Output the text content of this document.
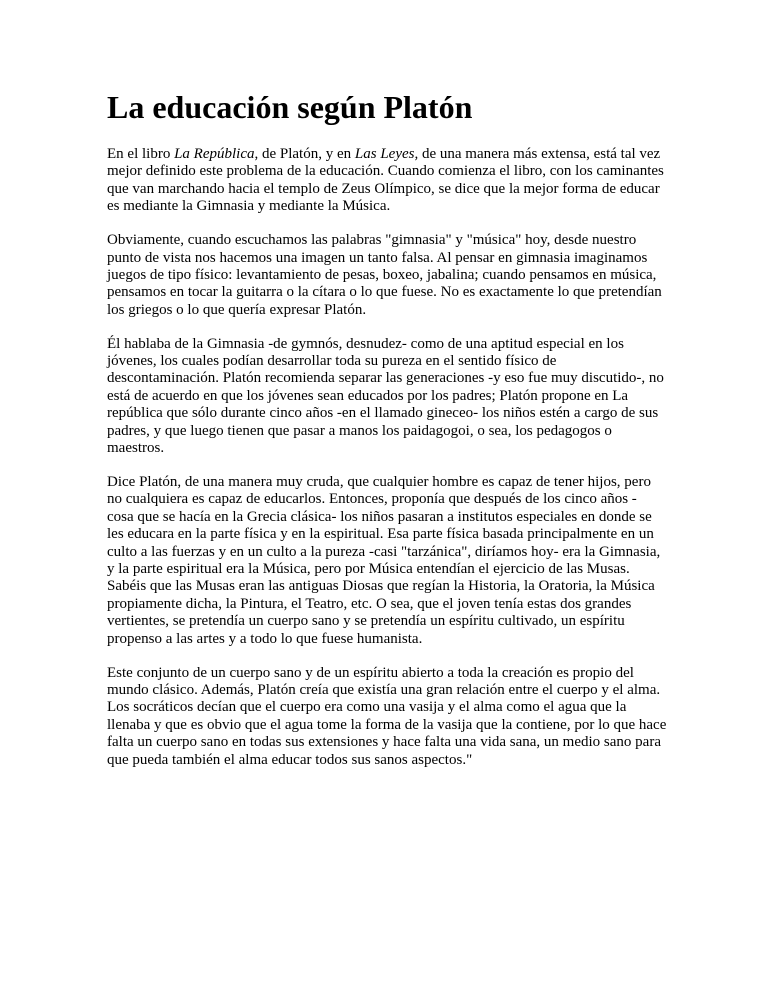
La educación según Platón

En el libro La República, de Platón, y en Las Leyes, de una manera más extensa, está tal vez mejor definido este problema de la educación. Cuando comienza el libro, con los caminantes que van marchando hacia el templo de Zeus Olímpico, se dice que la mejor forma de educar es mediante la Gimnasia y mediante la Música.

Obviamente, cuando escuchamos las palabras "gimnasia" y "música" hoy, desde nuestro punto de vista nos hacemos una imagen un tanto falsa. Al pensar en gimnasia imaginamos juegos de tipo físico: levantamiento de pesas, boxeo, jabalina; cuando pensamos en música, pensamos en tocar la guitarra o la cítara o lo que fuese. No es exactamente lo que pretendían los griegos o lo que quería expresar Platón.

Él hablaba de la Gimnasia -de gymnós, desnudez- como de una aptitud especial en los jóvenes, los cuales podían desarrollar toda su pureza en el sentido físico de descontaminación. Platón recomienda separar las generaciones -y eso fue muy discutido-, no está de acuerdo en que los jóvenes sean educados por los padres; Platón propone en La república que sólo durante cinco años -en el llamado gineceo- los niños estén a cargo de sus padres, y que luego tienen que pasar a manos los paidagogoi, o sea, los pedagogos o maestros.

Dice Platón, de una manera muy cruda, que cualquier hombre es capaz de tener hijos, pero no cualquiera es capaz de educarlos. Entonces, proponía que después de los cinco años - cosa que se hacía en la Grecia clásica- los niños pasaran a institutos especiales en donde se les educara en la parte física y en la espiritual. Esa parte física basada principalmente en un culto a las fuerzas y en un culto a la pureza -casi "tarzánica", diríamos hoy- era la Gimnasia, y la parte espiritual era la Música, pero por Música entendían el ejercicio de las Musas. Sabéis que las Musas eran las antiguas Diosas que regían la Historia, la Oratoria, la Música propiamente dicha, la Pintura, el Teatro, etc. O sea, que el joven tenía estas dos grandes vertientes, se pretendía un cuerpo sano y se pretendía un espíritu cultivado, un espíritu propenso a las artes y a todo lo que fuese humanista.

Este conjunto de un cuerpo sano y de un espíritu abierto a toda la creación es propio del mundo clásico. Además, Platón creía que existía una gran relación entre el cuerpo y el alma. Los socráticos decían que el cuerpo era como una vasija y el alma como el agua que la llenaba y que es obvio que el agua tome la forma de la vasija que la contiene, por lo que hace falta un cuerpo sano en todas sus extensiones y hace falta una vida sana, un medio sano para que pueda también el alma educar todos sus sanos aspectos."
